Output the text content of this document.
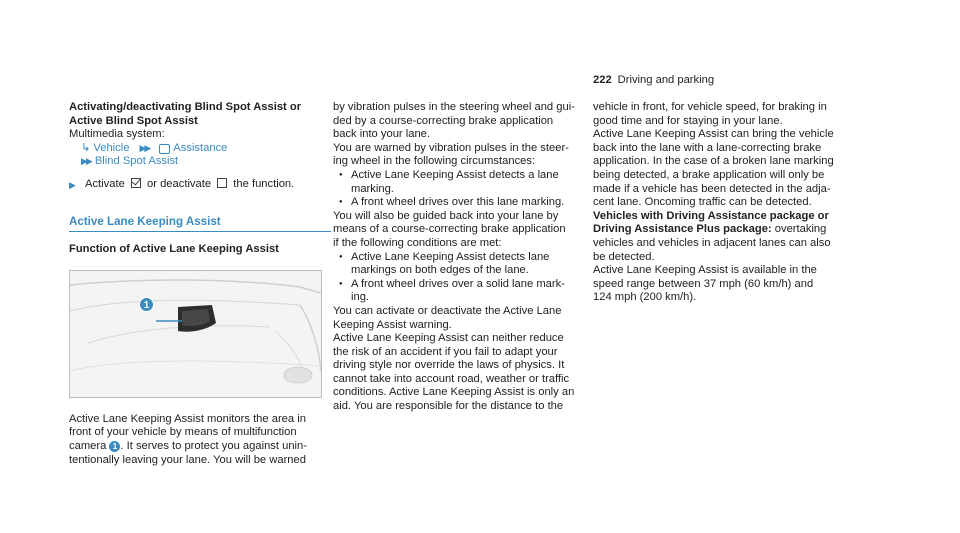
222 Driving and parking
Activating/deactivating Blind Spot Assist or
Active Blind Spot Assist
Multimedia system:
↳ Vehicle ▶▶ Assistance
▶▶ Blind Spot Assist
▶ Activate or deactivate the function.
Active Lane Keeping Assist
Function of Active Lane Keeping Assist
Active Lane Keeping Assist monitors the area in
front of your vehicle by means of multifunction
camera 1 . It serves to protect you against unin-
tentionally leaving your lane. You will be warned
1
by vibration pulses in the steering wheel and gui-
ded by a course-correcting brake application
back into your lane.
You are warned by vibration pulses in the steer-
ing wheel in the following circumstances:
● Active Lane Keeping Assist detects a lane
marking.
● A front wheel drives over this lane marking.
You will also be guided back into your lane by
means of a course-correcting brake application
if the following conditions are met:
● Active Lane Keeping Assist detects lane
markings on both edges of the lane.
● A front wheel drives over a solid lane mark-
ing.
You can activate or deactivate the Active Lane
Keeping Assist warning.
Active Lane Keeping Assist can neither reduce
the risk of an accident if you fail to adapt your
driving style nor override the laws of physics. It
cannot take into account road, weather or traffic
conditions. Active Lane Keeping Assist is only an
aid. You are responsible for the distance to the
vehicle in front, for vehicle speed, for braking in
good time and for staying in your lane.
Active Lane Keeping Assist can bring the vehicle
back into the lane with a lane-correcting brake
application. In the case of a broken lane marking
being detected, a brake application will only be
made if a vehicle has been detected in the adja-
cent lane. Oncoming traffic can be detected.
Vehicles with Driving Assistance package or
Driving Assistance Plus package: overtaking
vehicles and vehicles in adjacent lanes can also
be detected.
Active Lane Keeping Assist is available in the
speed range between 37 mph (60 km/h) and
124 mph (200 km/h).
